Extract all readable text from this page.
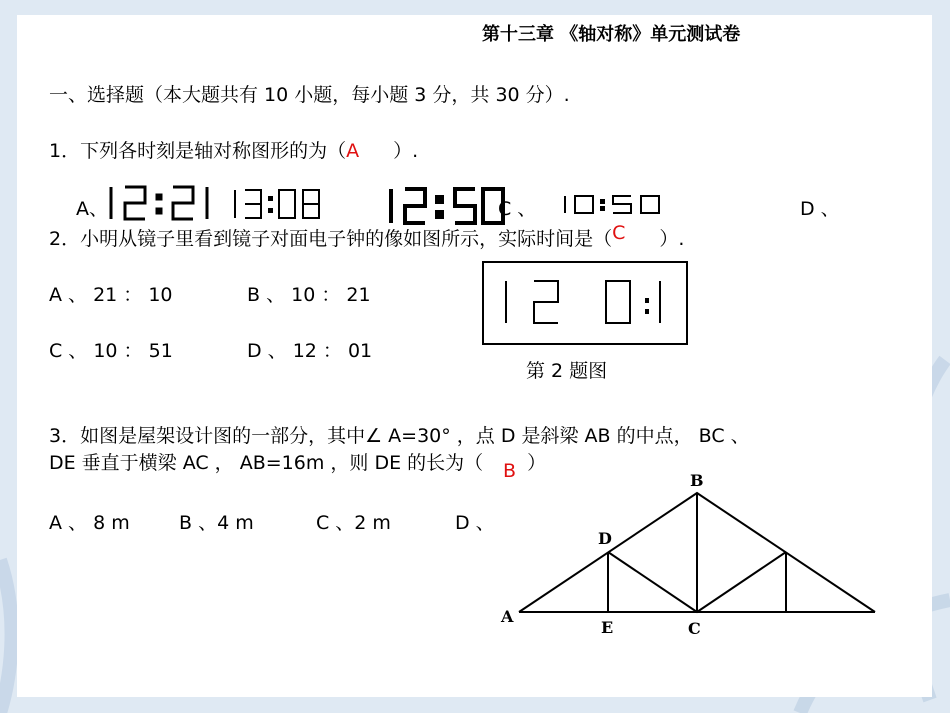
第十三章 《轴对称》单元测试卷
一、选择题（本大题共有 10 小题，每小题 3 分，共 30 分）.
1．下列各时刻是轴对称图形的为（A ）.
A、	C 、	D 、
2．小明从镜子里看到镜子对面电子钟的像如图所示，实际时间是（C ）.
A 、 21 ： 10	B 、 10 ： 21
C 、 10 ： 51	D 、 12 ： 01
第 2 题图
3．如图是屋架设计图的一部分，其中∠ A=30° ，点 D 是斜梁 AB 的中点， BC 、
DE 垂直于横梁 AC ， AB=16m ，则 DE 的长为（ ）
B
A 、 8 m	B 、4 m	C 、2 m	D 、
A
B
C
D
E
